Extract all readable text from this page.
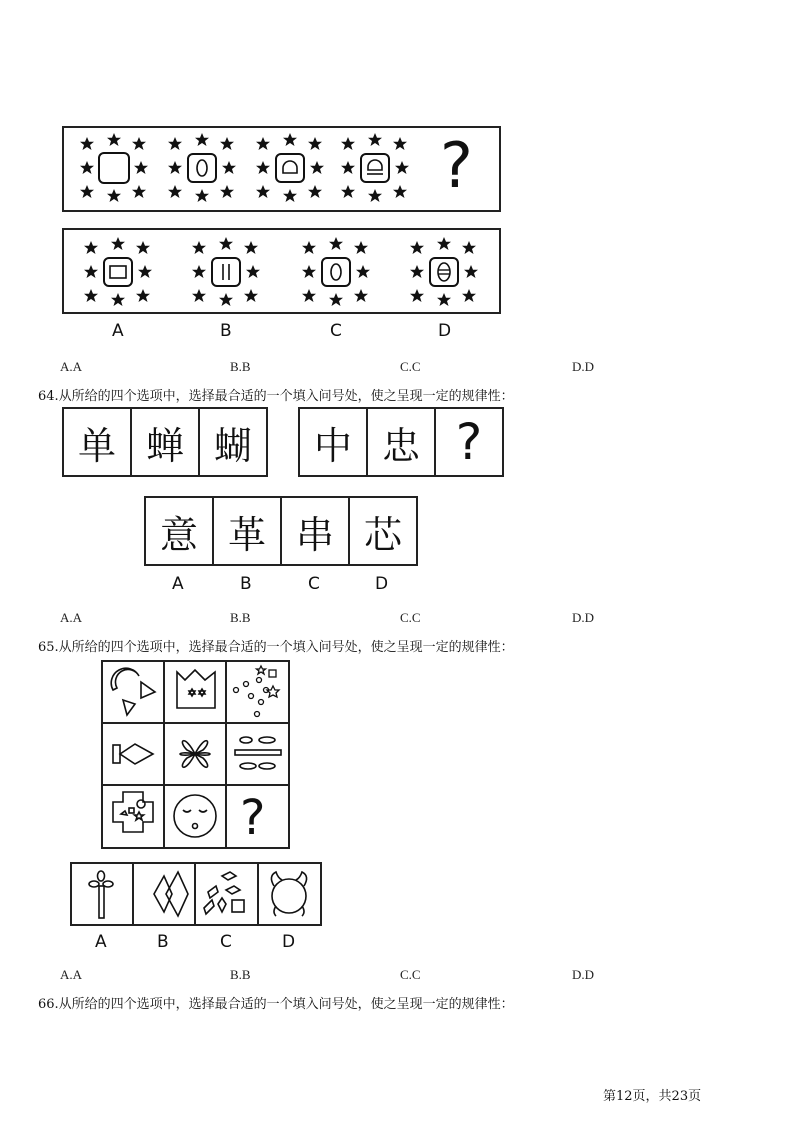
?
A	B	C	D
A.A	B.B	C.C	D.D
64.从所给的四个选项中，选择最合适的一个填入问号处，使之呈现一定的规律性：
单 蝉 蝴	中 忠 ?
意 革 串 芯
A	B	C	D
A.A	B.B	C.C	D.D
65.从所给的四个选项中，选择最合适的一个填入问号处，使之呈现一定的规律性：
?
A	B	C	D
A.A	B.B	C.C	D.D
66.从所给的四个选项中，选择最合适的一个填入问号处，使之呈现一定的规律性：
第12页，共23页
